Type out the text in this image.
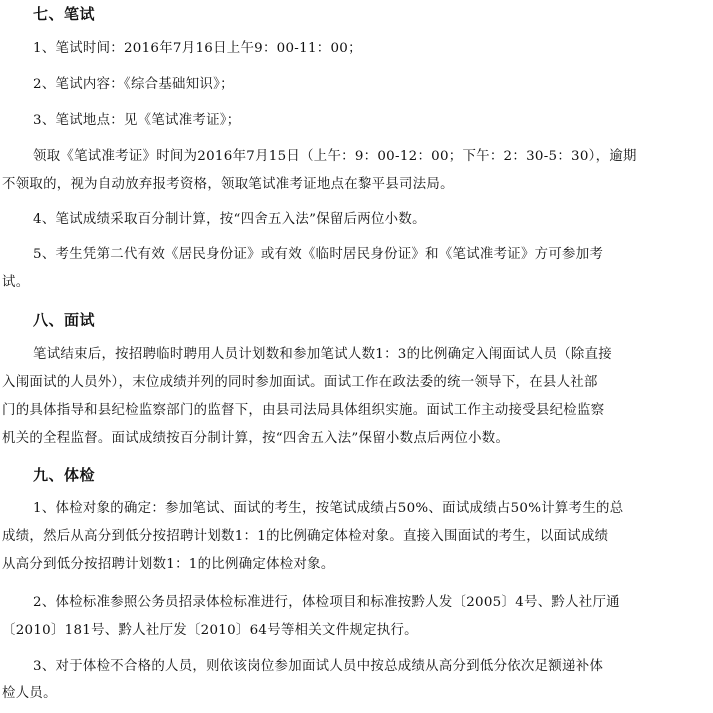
七、笔试
1、笔试时间：2016年7月16日上午9：00-11：00；
2、笔试内容：《综合基础知识》；
3、笔试地点：见《笔试准考证》；
领取《笔试准考证》时间为2016年7月15日（上午：9：00-12：00；下午：2：30-5：30），逾期
不领取的，视为自动放弃报考资格，领取笔试准考证地点在黎平县司法局。
4、笔试成绩采取百分制计算，按“四舍五入法”保留后两位小数。
5、考生凭第二代有效《居民身份证》或有效《临时居民身份证》和《笔试准考证》方可参加考
试。
八、面试
笔试结束后，按招聘临时聘用人员计划数和参加笔试人数1：3的比例确定入闱面试人员（除直接
入闱面试的人员外），末位成绩并列的同时参加面试。面试工作在政法委的统一领导下，在县人社部
门的具体指导和县纪检监察部门的监督下，由县司法局具体组织实施。面试工作主动接受县纪检监察
机关的全程监督。面试成绩按百分制计算，按“四舍五入法”保留小数点后两位小数。
九、体检
1、体检对象的确定：参加笔试、面试的考生，按笔试成绩占50%、面试成绩占50%计算考生的总
成绩，然后从高分到低分按招聘计划数1：1的比例确定体检对象。直接入围面试的考生，以面试成绩
从高分到低分按招聘计划数1：1的比例确定体检对象。
2、体检标准参照公务员招录体检标准进行，体检项目和标准按黔人发〔2005〕4号、黔人社厅通
〔2010〕181号、黔人社厅发〔2010〕64号等相关文件规定执行。
3、对于体检不合格的人员，则依该岗位参加面试人员中按总成绩从高分到低分依次足额递补体
检人员。
